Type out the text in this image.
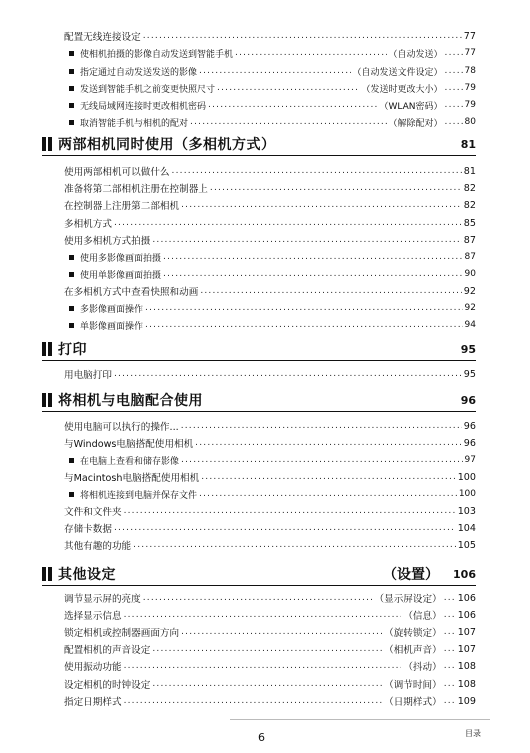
配置无线连接设定 .....	77
使相机拍摄的影像自动发送到智能手机 .....	（自动发送） ..... 77
指定通过自动发送发送的影像 .....	（自动发送文件设定） ..... 78
发送到智能手机之前变更快照尺寸 .....	（发送时更改大小） ..... 79
无线局域网连接时更改相机密码 .....	（WLAN密码） ..... 79
取消智能手机与相机的配对 .....	（解除配对） ..... 80
两部相机同时使用（多相机方式）	81
使用两部相机可以做什么 .....	81
准备将第二部相机注册在控制器上 .....	82
在控制器上注册第二部相机 .....	82
多相机方式 .....	85
使用多相机方式拍摄 .....	87
使用多影像画面拍摄 .....	87
使用单影像画面拍摄 .....	90
在多相机方式中查看快照和动画 .....	92
多影像画面操作 .....	92
单影像画面操作 .....	94
打印	95
用电脑打印 .....	95
将相机与电脑配合使用	96
使用电脑可以执行的操作... .....	96
与Windows电脑搭配使用相机 .....	96
在电脑上查看和储存影像 .....	97
与Macintosh电脑搭配使用相机 .....	100
将相机连接到电脑并保存文件 .....	100
文件和文件夹 .....	103
存储卡数据 .....	104
其他有趣的功能 .....	105
其他设定	（设置） 106
调节显示屏的亮度 .....	（显示屏设定） ..... 106
选择显示信息 .....	（信息） ..... 106
锁定相机或控制器画面方向 .....	（旋转锁定） ..... 107
配置相机的声音设定 .....	（相机声音） ..... 107
使用振动功能 .....	（抖动） ..... 108
设定相机的时钟设定 .....	（调节时间） ..... 108
指定日期样式 .....	（日期样式） ..... 109
6	目录
